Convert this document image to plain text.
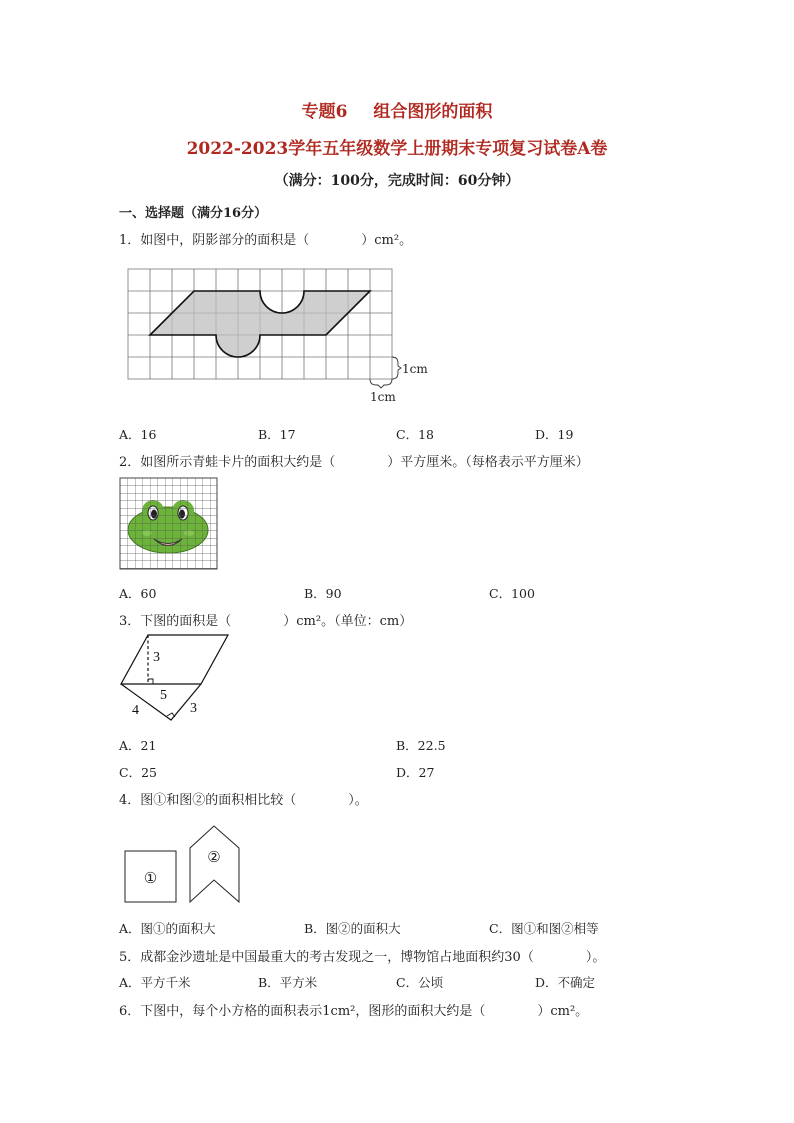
专题6 组合图形的面积
2022-2023学年五年级数学上册期末专项复习试卷A卷
（满分：100分，完成时间：60分钟）
一、选择题（满分16分）
1．如图中，阴影部分的面积是（　　　　）cm²。
1cm
1cm
A．16	B．17	C．18	D．19
2．如图所示青蛙卡片的面积大约是（　　　　）平方厘米。（每格表示平方厘米）
A．60	B．90	C．100
3．下图的面积是（　　　　）cm²。（单位：cm）
3
5
4	3
A．21	B．22.5
C．25	D．27
4．图①和图②的面积相比较（　　　　）。
①
②
A．图①的面积大	B．图②的面积大	C．图①和图②相等
5．成都金沙遗址是中国最重大的考古发现之一，博物馆占地面积约30（　　　　）。
A．平方千米	B．平方米	C．公顷	D．不确定
6．下图中，每个小方格的面积表示1cm²，图形的面积大约是（　　　　）cm²。
